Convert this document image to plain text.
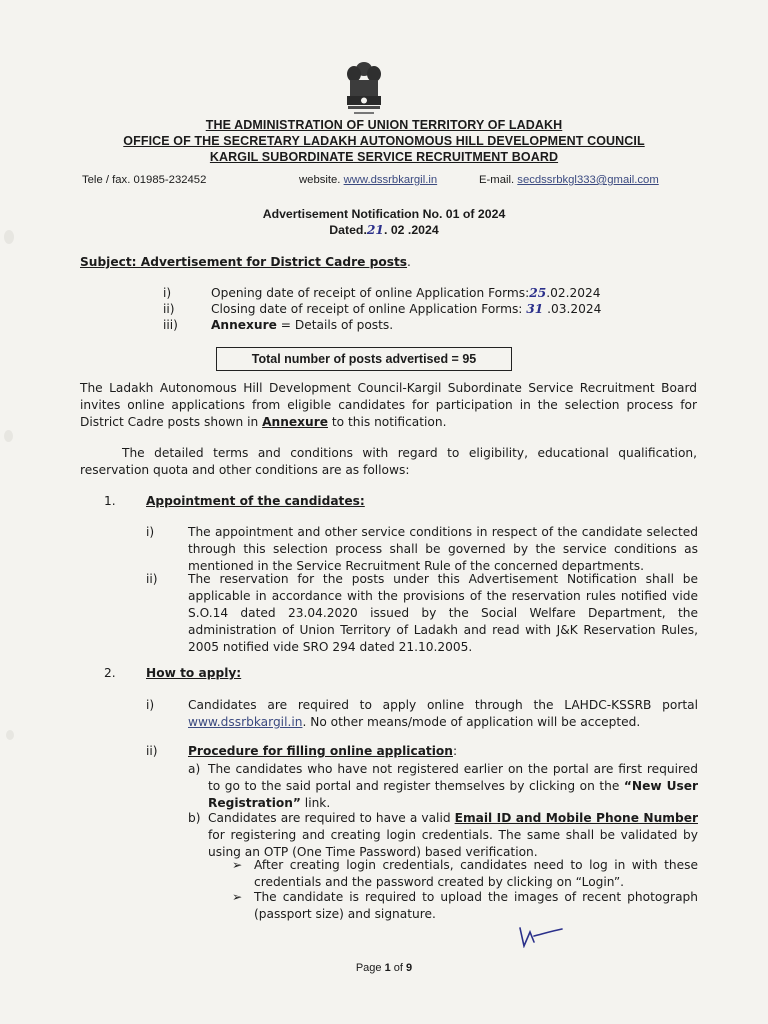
THE ADMINISTRATION OF UNION TERRITORY OF LADAKH
OFFICE OF THE SECRETARY LADAKH AUTONOMOUS HILL DEVELOPMENT COUNCIL
KARGIL SUBORDINATE SERVICE RECRUITMENT BOARD
Tele / fax. 01985-232452	website. www.dssrbkargil.in	E-mail. secdssrbkgl333@gmail.com
Advertisement Notification No. 01 of 2024
Dated.21. 02 .2024
Subject: Advertisement for District Cadre posts.
i)	Opening date of receipt of online Application Forms:25.02.2024
ii)	Closing date of receipt of online Application Forms: 31 .03.2024
iii)	Annexure = Details of posts.
Total number of posts advertised = 95
The Ladakh Autonomous Hill Development Council-Kargil Subordinate Service Recruitment Board invites online applications from eligible candidates for participation in the selection process for District Cadre posts shown in Annexure to this notification.
The detailed terms and conditions with regard to eligibility, educational qualification, reservation quota and other conditions are as follows:
1. Appointment of the candidates:
i)	The appointment and other service conditions in respect of the candidate selected through this selection process shall be governed by the service conditions as mentioned in the Service Recruitment Rule of the concerned departments.
ii) The reservation for the posts under this Advertisement Notification shall be applicable in accordance with the provisions of the reservation rules notified vide S.O.14 dated 23.04.2020 issued by the Social Welfare Department, the administration of Union Territory of Ladakh and read with J&K Reservation Rules, 2005 notified vide SRO 294 dated 21.10.2005.
2. How to apply:
i)	Candidates are required to apply online through the LAHDC-KSSRB portal www.dssrbkargil.in. No other means/mode of application will be accepted.
ii) Procedure for filling online application:
a) The candidates who have not registered earlier on the portal are first required to go to the said portal and register themselves by clicking on the “New User Registration” link.
b) Candidates are required to have a valid Email ID and Mobile Phone Number for registering and creating login credentials. The same shall be validated by using an OTP (One Time Password) based verification.
➢ After creating login credentials, candidates need to log in with these credentials and the password created by clicking on “Login”.
➢ The candidate is required to upload the images of recent photograph (passport size) and signature.
Page 1 of 9
